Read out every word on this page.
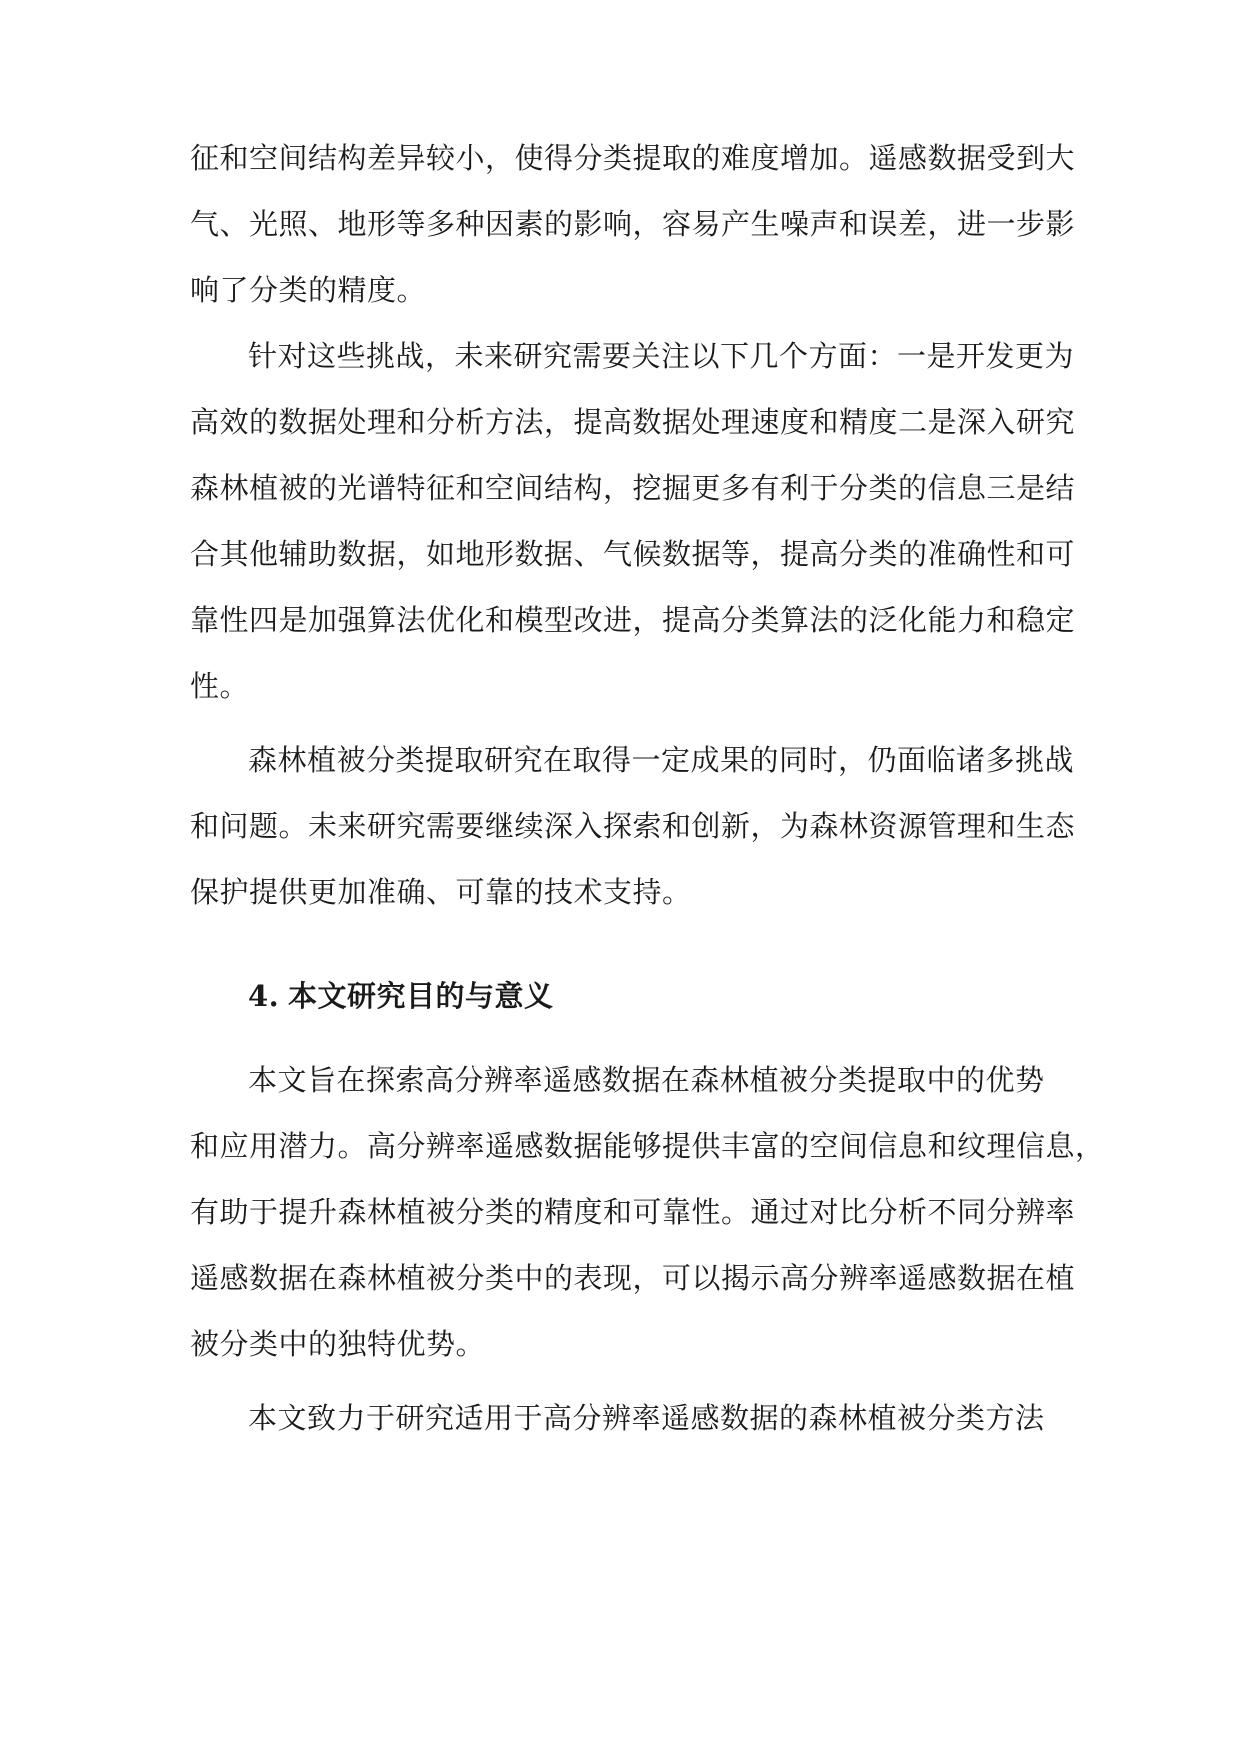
征和空间结构差异较小，使得分类提取的难度增加。遥感数据受到大
气、光照、地形等多种因素的影响，容易产生噪声和误差，进一步影
响了分类的精度。
针对这些挑战，未来研究需要关注以下几个方面：一是开发更为
高效的数据处理和分析方法，提高数据处理速度和精度二是深入研究
森林植被的光谱特征和空间结构，挖掘更多有利于分类的信息三是结
合其他辅助数据，如地形数据、气候数据等，提高分类的准确性和可
靠性四是加强算法优化和模型改进，提高分类算法的泛化能力和稳定
性。
森林植被分类提取研究在取得一定成果的同时，仍面临诸多挑战
和问题。未来研究需要继续深入探索和创新，为森林资源管理和生态
保护提供更加准确、可靠的技术支持。
4. 本文研究目的与意义
本文旨在探索高分辨率遥感数据在森林植被分类提取中的优势
和应用潜力。高分辨率遥感数据能够提供丰富的空间信息和纹理信息，
有助于提升森林植被分类的精度和可靠性。通过对比分析不同分辨率
遥感数据在森林植被分类中的表现，可以揭示高分辨率遥感数据在植
被分类中的独特优势。
本文致力于研究适用于高分辨率遥感数据的森林植被分类方法
